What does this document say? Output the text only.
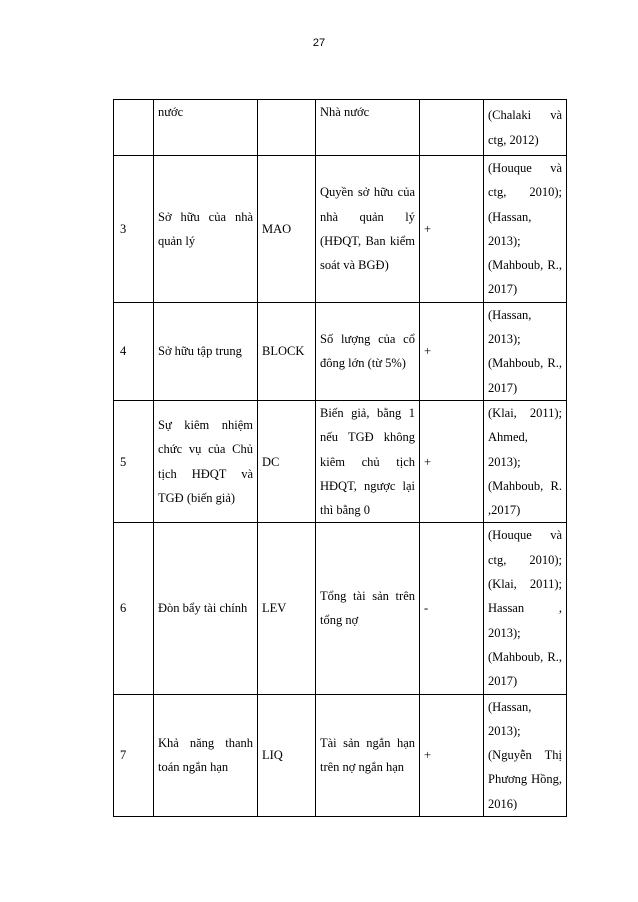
27

	nước		Nhà nước		(Chalaki và ctg, 2012)

3	Sở hữu của nhà quản lý	MAO	Quyền sở hữu của nhà quản lý (HĐQT, Ban kiểm soát và BGĐ)	+	(Houque và ctg, 2010); (Hassan, 2013); (Mahboub, R., 2017)

4	Sở hữu tập trung	BLOCK	Số lượng của cổ đông lớn (từ 5%)	+	(Hassan, 2013); (Mahboub, R., 2017)

5	Sự kiêm nhiệm chức vụ của Chủ tịch HĐQT và TGĐ (biến giả)	DC	Biến giả, bằng 1 nếu TGĐ không kiêm chủ tịch HĐQT, ngược lại thì bằng 0	+	(Klai, 2011); Ahmed, 2013); (Mahboub, R. ,2017)

6	Đòn bẩy tài chính	LEV	Tổng tài sản trên tổng nợ	-	(Houque và ctg, 2010); (Klai, 2011); Hassan , 2013); (Mahboub, R., 2017)

7	Khả năng thanh toán ngắn hạn	LIQ	Tài sản ngắn hạn trên nợ ngắn hạn	+	(Hassan, 2013); (Nguyễn Thị Phương Hồng, 2016)
